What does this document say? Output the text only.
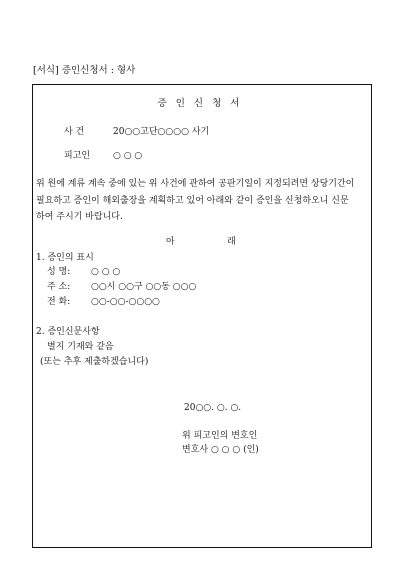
[서식] 증인신청서 : 형사
증 인 신 청 서
사 건	20○○고단○○○○ 사기
피고인	○ ○ ○
위 원에 계류 계속 중에 있는 위 사건에 관하여 공판기일이 지정되려면 상당기간이
필요하고 증인이 해외출장을 계획하고 있어 아래와 같이 증인을 신청하오니 신문
하여 주시기 바랍니다.
아	래
1. 증인의 표시
성 명: ○ ○ ○
주 소: ○○시 ○○구 ○○동 ○○○
전 화: ○○-○○-○○○○
2. 증인신문사항
별지 기재와 같음
(또는 추후 제출하겠습니다)
20○○. ○. ○.
위 피고인의 변호인
변호사 ○ ○ ○ (인)
